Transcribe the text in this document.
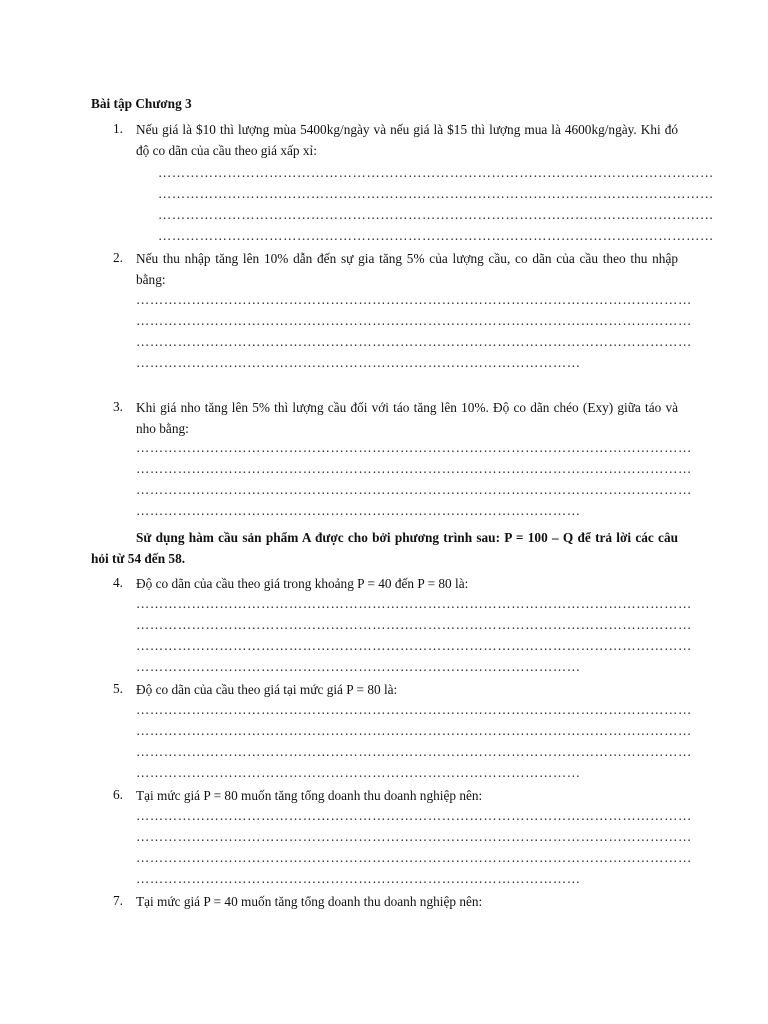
Bài tập Chương 3
1. Nếu giá là $10 thì lượng mùa 5400kg/ngày và nếu giá là $15 thì lượng mua là 4600kg/ngày. Khi đó độ co dãn của cầu theo giá xấp xỉ:
…………………………………………………………………………………………………………
…………………………………………………………………………………………………………
…………………………………………………………………………………………………………
…………………………………………………………………………………………………………
2. Nếu thu nhập tăng lên 10% dẫn đến sự gia tăng 5% của lượng cầu, co dãn của cầu theo thu nhập bằng:
…………………………………………………………………………………………………………
…………………………………………………………………………………………………………
…………………………………………………………………………………………………………
……………………………………………………………………………………
3. Khi giá nho tăng lên 5% thì lượng cầu đối với táo tăng lên 10%. Độ co dãn chéo (Exy) giữa táo và nho bằng:
…………………………………………………………………………………………………………
…………………………………………………………………………………………………………
…………………………………………………………………………………………………………
……………………………………………………………………………………
Sử dụng hàm cầu sản phẩm A được cho bởi phương trình sau: P = 100 – Q để trả lời các câu hỏi từ 54 đến 58.
4. Độ co dãn của cầu theo giá trong khoảng P = 40 đến P = 80 là:
…………………………………………………………………………………………………………
…………………………………………………………………………………………………………
…………………………………………………………………………………………………………
……………………………………………………………………………………
5. Độ co dãn của cầu theo giá tại mức giá P = 80 là:
…………………………………………………………………………………………………………
…………………………………………………………………………………………………………
…………………………………………………………………………………………………………
……………………………………………………………………………………
6. Tại mức giá P = 80 muốn tăng tổng doanh thu doanh nghiệp nên:
…………………………………………………………………………………………………………
…………………………………………………………………………………………………………
…………………………………………………………………………………………………………
……………………………………………………………………………………
7. Tại mức giá P = 40 muốn tăng tổng doanh thu doanh nghiệp nên:
